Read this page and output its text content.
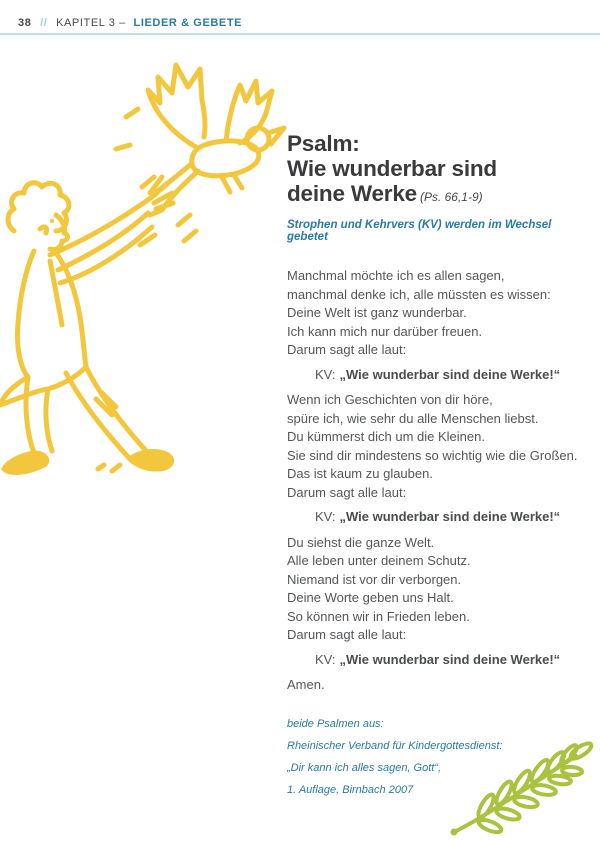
38 // KAPITEL 3 – LIEDER & GEBETE
Psalm:
Wie wunderbar sind
deine Werke (Ps. 66,1-9)

Strophen und Kehrvers (KV) werden im Wechsel gebetet

Manchmal möchte ich es allen sagen,

manchmal denke ich, alle müssten es wissen:

Deine Welt ist ganz wunderbar.

Ich kann mich nur darüber freuen.

Darum sagt alle laut:

KV: „Wie wunderbar sind deine Werke!“

Wenn ich Geschichten von dir höre,

spüre ich, wie sehr du alle Menschen liebst.

Du kümmerst dich um die Kleinen.

Sie sind dir mindestens so wichtig wie die Großen.

Das ist kaum zu glauben.

Darum sagt alle laut:

KV: „Wie wunderbar sind deine Werke!“

Du siehst die ganze Welt.

Alle leben unter deinem Schutz.

Niemand ist vor dir verborgen.

Deine Worte geben uns Halt.

So können wir in Frieden leben.

Darum sagt alle laut:

KV: „Wie wunderbar sind deine Werke!“

Amen.

beide Psalmen aus:

Rheinischer Verband für Kindergottesdienst:

„Dir kann ich alles sagen, Gott“,

1. Auflage, Birnbach 2007
